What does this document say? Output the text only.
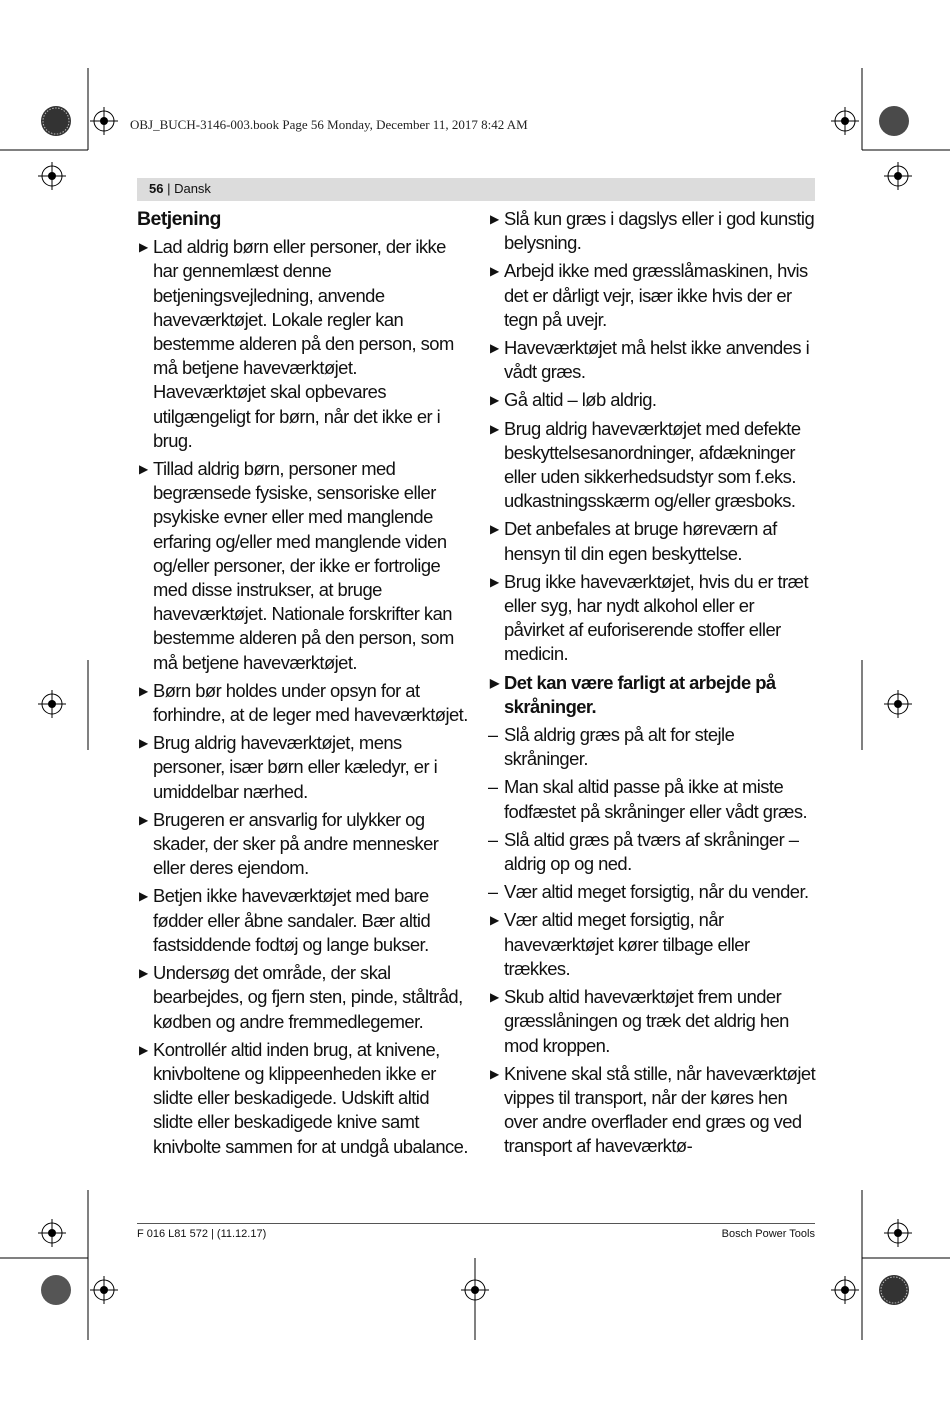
OBJ_BUCH-3146-003.book Page 56 Monday, December 11, 2017 8:42 AM
56 | Dansk
Betjening
▶ Lad aldrig børn eller personer, der ikke har gennemlæst denne betjeningsvejledning, anvende haveværktøjet. Lokale regler kan bestemme alderen på den person, som må betjene haveværktøjet. Haveværktøjet skal opbevares utilgængeligt for børn, når det ikke er i brug.
▶ Tillad aldrig børn, personer med begrænsede fysiske, sensoriske eller psykiske evner eller med manglende erfaring og/eller med manglende viden og/eller personer, der ikke er fortrolige med disse instrukser, at bruge haveværktøjet. Nationale forskrifter kan bestemme alderen på den person, som må betjene haveværktøjet.
▶ Børn bør holdes under opsyn for at forhindre, at de leger med haveværktøjet.
▶ Brug aldrig haveværktøjet, mens personer, især børn eller kæledyr, er i umiddelbar nærhed.
▶ Brugeren er ansvarlig for ulykker og skader, der sker på andre mennesker eller deres ejendom.
▶ Betjen ikke haveværktøjet med bare fødder eller åbne sandaler. Bær altid fastsiddende fodtøj og lange bukser.
▶ Undersøg det område, der skal bearbejdes, og fjern sten, pinde, ståltråd, kødben og andre fremmedlegemer.
▶ Kontrollér altid inden brug, at knivene, knivboltene og klippeenheden ikke er slidte eller beskadigede. Udskift altid slidte eller beskadigede knive samt knivbolte sammen for at undgå ubalance.
▶ Slå kun græs i dagslys eller i god kunstig belysning.
▶ Arbejd ikke med græsslåmaskinen, hvis det er dårligt vejr, især ikke hvis der er tegn på uvejr.
▶ Haveværktøjet må helst ikke anvendes i vådt græs.
▶ Gå altid – løb aldrig.
▶ Brug aldrig haveværktøjet med defekte beskyttelsesanordninger, afdækninger eller uden sikkerhedsudstyr som f.eks. udkastningsskærm og/eller græsboks.
▶ Det anbefales at bruge høreværn af hensyn til din egen beskyttelse.
▶ Brug ikke haveværktøjet, hvis du er træt eller syg, har nydt alkohol eller er påvirket af euforiserende stoffer eller medicin.
▶ Det kan være farligt at arbejde på skråninger.
– Slå aldrig græs på alt for stejle skråninger.
– Man skal altid passe på ikke at miste fodfæstet på skråninger eller vådt græs.
– Slå altid græs på tværs af skråninger – aldrig op og ned.
– Vær altid meget forsigtig, når du vender.
▶ Vær altid meget forsigtig, når haveværktøjet kører tilbage eller trækkes.
▶ Skub altid haveværktøjet frem under græsslåningen og træk det aldrig hen mod kroppen.
▶ Knivene skal stå stille, når haveværktøjet vippes til transport, når der køres hen over andre overflader end græs og ved transport af haveværktø-
F 016 L81 572 | (11.12.17)	Bosch Power Tools
